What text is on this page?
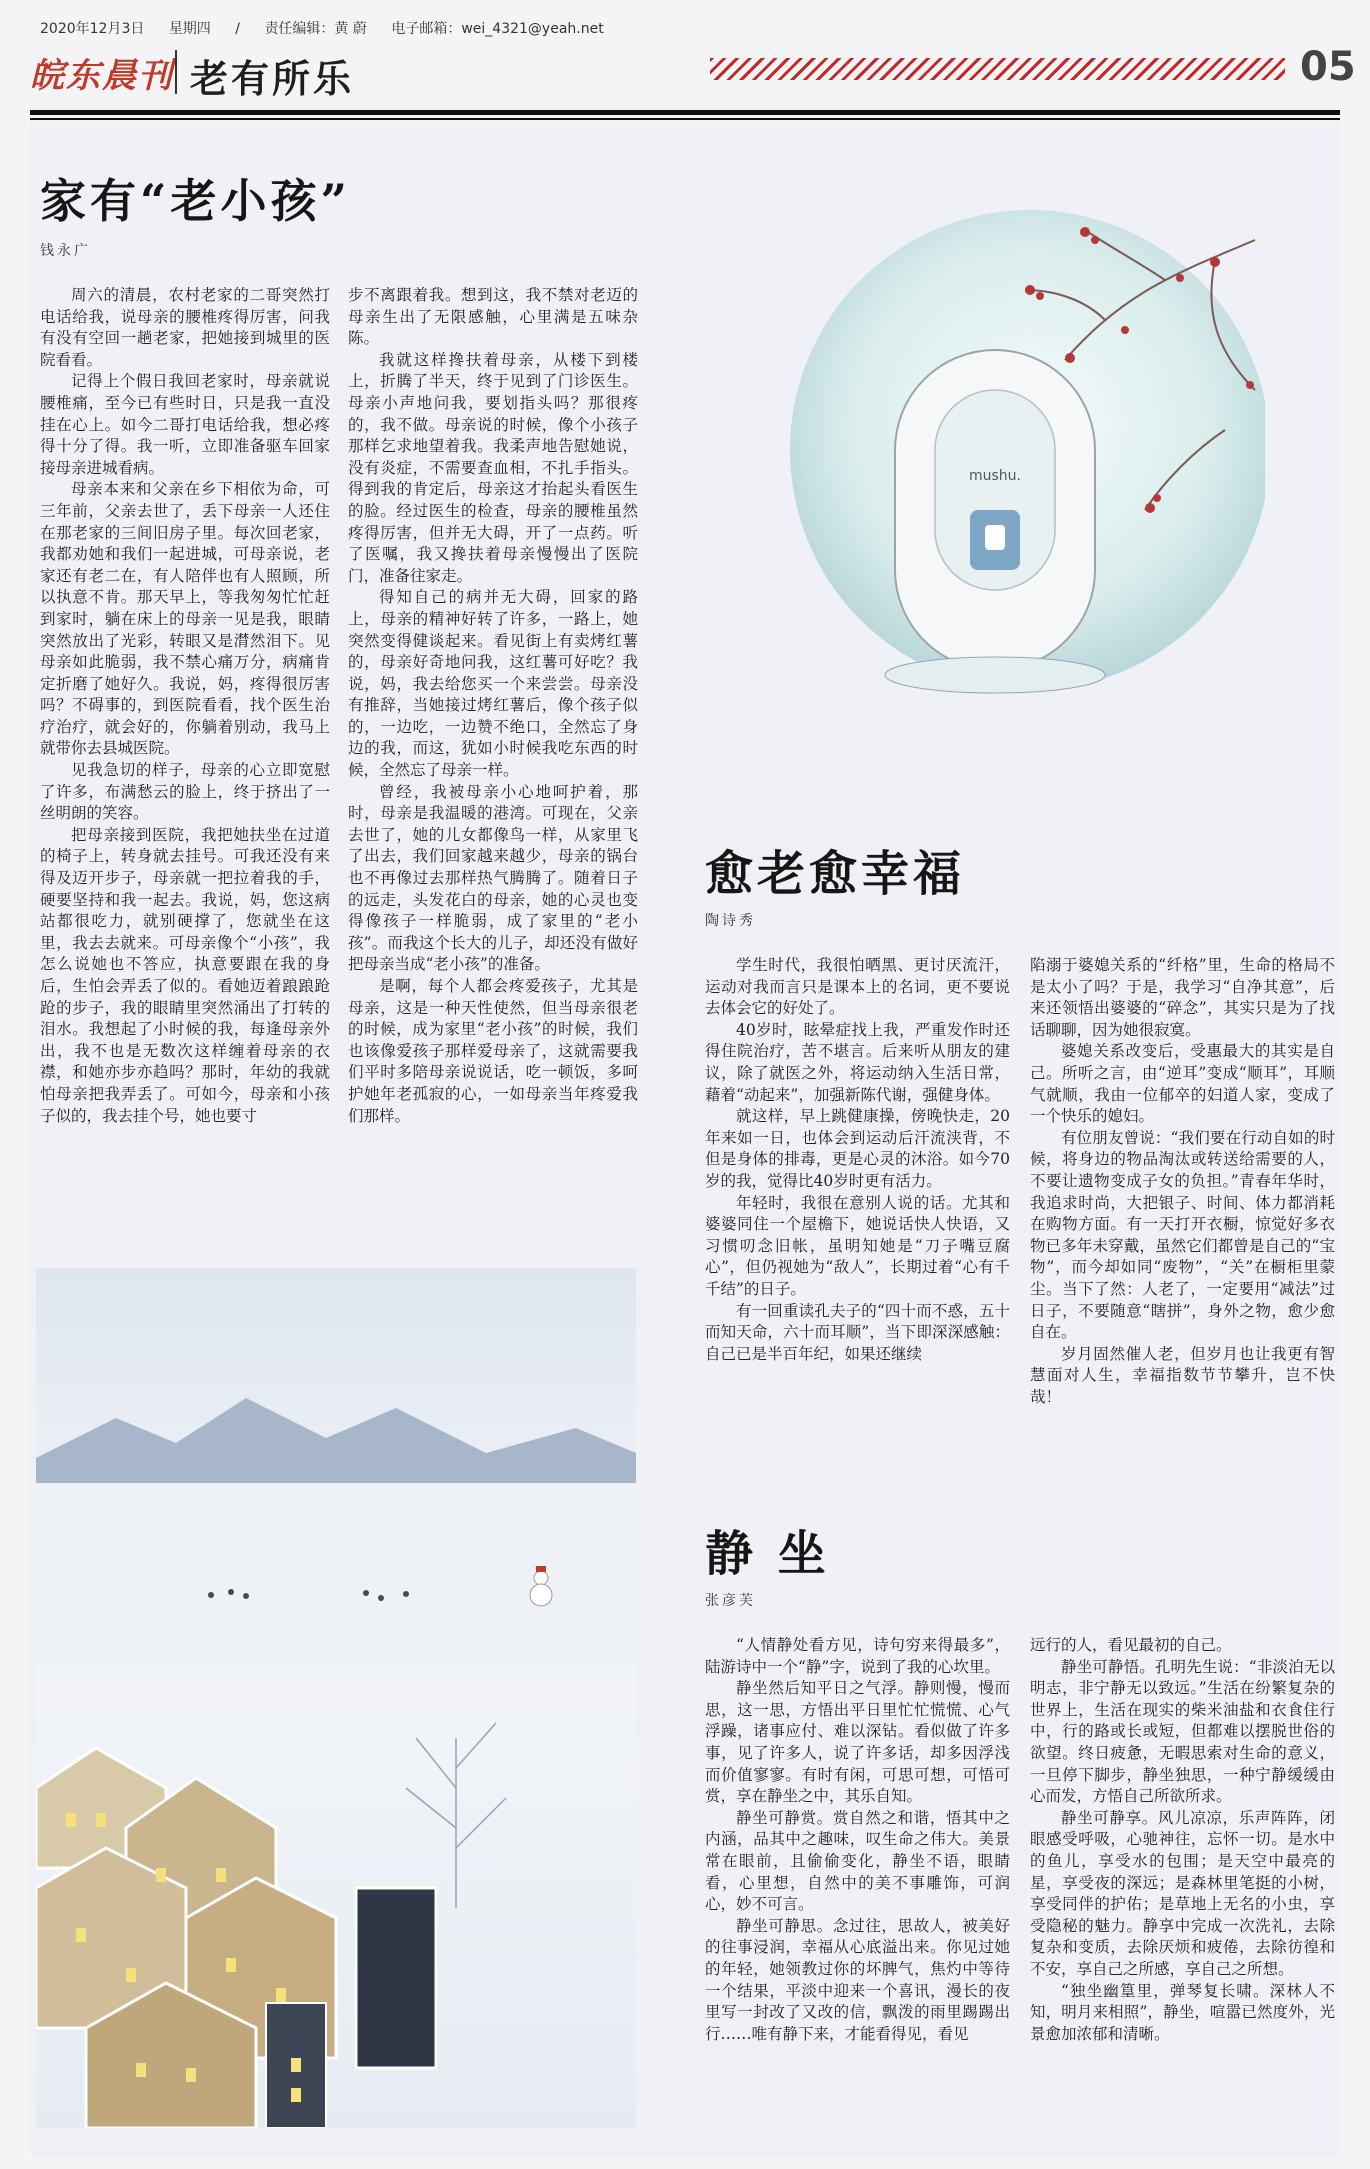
2020年12月3日 星期四 / 责任编辑：黄 蔚 电子邮箱：wei_4321@yeah.net
皖东晨刊 老有所乐	05
家有“老小孩”
钱永广

周六的清晨，农村老家的二哥突然打电话给我，说母亲的腰椎疼得厉害，问我有没有空回一趟老家，把她接到城里的医院看看。

记得上个假日我回老家时，母亲就说腰椎痛，至今已有些时日，只是我一直没挂在心上。如今二哥打电话给我，想必疼得十分了得。我一听，立即准备驱车回家接母亲进城看病。

母亲本来和父亲在乡下相依为命，可三年前，父亲去世了，丢下母亲一人还住在那老家的三间旧房子里。每次回老家，我都劝她和我们一起进城，可母亲说，老家还有老二在，有人陪伴也有人照顾，所以执意不肯。那天早上，等我匆匆忙忙赶到家时，躺在床上的母亲一见是我，眼睛突然放出了光彩，转眼又是潸然泪下。见母亲如此脆弱，我不禁心痛万分，病痛肯定折磨了她好久。我说，妈，疼得很厉害吗？不碍事的，到医院看看，找个医生治疗治疗，就会好的，你躺着别动，我马上就带你去县城医院。

见我急切的样子，母亲的心立即宽慰了许多，布满愁云的脸上，终于挤出了一丝明朗的笑容。

把母亲接到医院，我把她扶坐在过道的椅子上，转身就去挂号。可我还没有来得及迈开步子，母亲就一把拉着我的手，硬要坚持和我一起去。我说，妈，您这病站都很吃力，就别硬撑了，您就坐在这里，我去去就来。可母亲像个“小孩”，我怎么说她也不答应，执意要跟在我的身后，生怕会弄丢了似的。看她迈着踉踉跄跄的步子，我的眼睛里突然涌出了打转的泪水。我想起了小时候的我，每逢母亲外出，我不也是无数次这样缠着母亲的衣襟，和她亦步亦趋吗？那时，年幼的我就怕母亲把我弄丢了。可如今，母亲和小孩子似的，我去挂个号，她也要寸

步不离跟着我。想到这，我不禁对老迈的母亲生出了无限感触，心里满是五味杂陈。

我就这样搀扶着母亲，从楼下到楼上，折腾了半天，终于见到了门诊医生。母亲小声地问我，要划指头吗？那很疼的，我不做。母亲说的时候，像个小孩子那样乞求地望着我。我柔声地告慰她说，没有炎症，不需要查血相，不扎手指头。得到我的肯定后，母亲这才抬起头看医生的脸。经过医生的检查，母亲的腰椎虽然疼得厉害，但并无大碍，开了一点药。听了医嘱，我又搀扶着母亲慢慢出了医院门，准备往家走。

得知自己的病并无大碍，回家的路上，母亲的精神好转了许多，一路上，她突然变得健谈起来。看见街上有卖烤红薯的，母亲好奇地问我，这红薯可好吃？我说，妈，我去给您买一个来尝尝。母亲没有推辞，当她接过烤红薯后，像个孩子似的，一边吃，一边赞不绝口，全然忘了身边的我，而这，犹如小时候我吃东西的时候，全然忘了母亲一样。

曾经，我被母亲小心地呵护着，那时，母亲是我温暖的港湾。可现在，父亲去世了，她的儿女都像鸟一样，从家里飞了出去，我们回家越来越少，母亲的锅台也不再像过去那样热气腾腾了。随着日子的远走，头发花白的母亲，她的心灵也变得像孩子一样脆弱，成了家里的“老小孩”。而我这个长大的儿子，却还没有做好把母亲当成“老小孩”的准备。

是啊，每个人都会疼爱孩子，尤其是母亲，这是一种天性使然，但当母亲很老的时候，成为家里“老小孩”的时候，我们也该像爱孩子那样爱母亲了，这就需要我们平时多陪母亲说说话，吃一顿饭，多呵护她年老孤寂的心，一如母亲当年疼爱我们那样。

mushu.
愈老愈幸福
陶诗秀

学生时代，我很怕晒黑、更讨厌流汗，运动对我而言只是课本上的名词，更不要说去体会它的好处了。

40岁时，眩晕症找上我，严重发作时还得住院治疗，苦不堪言。后来听从朋友的建议，除了就医之外，将运动纳入生活日常，藉着“动起来”，加强新陈代谢，强健身体。

就这样，早上跳健康操，傍晚快走，20年来如一日，也体会到运动后汗流浃背，不但是身体的排毒，更是心灵的沐浴。如今70岁的我，觉得比40岁时更有活力。

年轻时，我很在意别人说的话。尤其和婆婆同住一个屋檐下，她说话快人快语，又习惯叨念旧帐，虽明知她是“刀子嘴豆腐心”，但仍视她为“敌人”，长期过着“心有千千结”的日子。

有一回重读孔夫子的“四十而不惑，五十而知天命，六十而耳顺”，当下即深深感触：自己已是半百年纪，如果还继续

陷溺于婆媳关系的“纤格”里，生命的格局不是太小了吗？于是，我学习“自净其意”，后来还领悟出婆婆的“碎念”，其实只是为了找话聊聊，因为她很寂寞。

婆媳关系改变后，受惠最大的其实是自己。所听之言，由“逆耳”变成“顺耳”，耳顺气就顺，我由一位郁卒的妇道人家，变成了一个快乐的媳妇。

有位朋友曾说：“我们要在行动自如的时候，将身边的物品淘汰或转送给需要的人，不要让遗物变成子女的负担。”青春年华时，我追求时尚，大把银子、时间、体力都消耗在购物方面。有一天打开衣橱，惊觉好多衣物已多年未穿戴，虽然它们都曾是自己的“宝物”，而今却如同“废物”，“关”在橱柜里蒙尘。当下了然：人老了，一定要用“减法”过日子，不要随意“瞎拼”，身外之物，愈少愈自在。

岁月固然催人老，但岁月也让我更有智慧面对人生，幸福指数节节攀升，岂不快哉！

静 坐
张彦芙

“人情静处看方见，诗句穷来得最多”，陆游诗中一个“静”字，说到了我的心坎里。

静坐然后知平日之气浮。静则慢，慢而思，这一思，方悟出平日里忙忙慌慌、心气浮躁，诸事应付、难以深钻。看似做了许多事，见了许多人，说了许多话，却多因浮浅而价值寥寥。有时有闲，可思可想，可悟可赏，享在静坐之中，其乐自知。

静坐可静赏。赏自然之和谐，悟其中之内涵，品其中之趣味，叹生命之伟大。美景常在眼前，且偷偷变化，静坐不语，眼睛看，心里想，自然中的美不事雕饰，可润心，妙不可言。

静坐可静思。念过往，思故人，被美好的往事浸润，幸福从心底溢出来。你见过她的年轻，她领教过你的坏脾气，焦灼中等待一个结果，平淡中迎来一个喜讯，漫长的夜里写一封改了又改的信，飘泼的雨里踢踢出行……唯有静下来，才能看得见，看见

远行的人，看见最初的自己。

静坐可静悟。孔明先生说：“非淡泊无以明志，非宁静无以致远。”生活在纷繁复杂的世界上，生活在现实的柴米油盐和衣食住行中，行的路或长或短，但都难以摆脱世俗的欲望。终日疲惫，无暇思索对生命的意义，一旦停下脚步，静坐独思，一种宁静缓缓由心而发，方悟自己所欲所求。

静坐可静享。风儿凉凉，乐声阵阵，闭眼感受呼吸，心驰神往，忘怀一切。是水中的鱼儿，享受水的包围；是天空中最亮的星，享受夜的深远；是森林里笔挺的小树，享受同伴的护佑；是草地上无名的小虫，享受隐秘的魅力。静享中完成一次洗礼，去除复杂和变质，去除厌烦和疲倦，去除彷徨和不安，享自己之所感，享自己之所想。

“独坐幽篁里，弹琴复长啸。深林人不知，明月来相照”，静坐，喧嚣已然度外，光景愈加浓郁和清晰。
